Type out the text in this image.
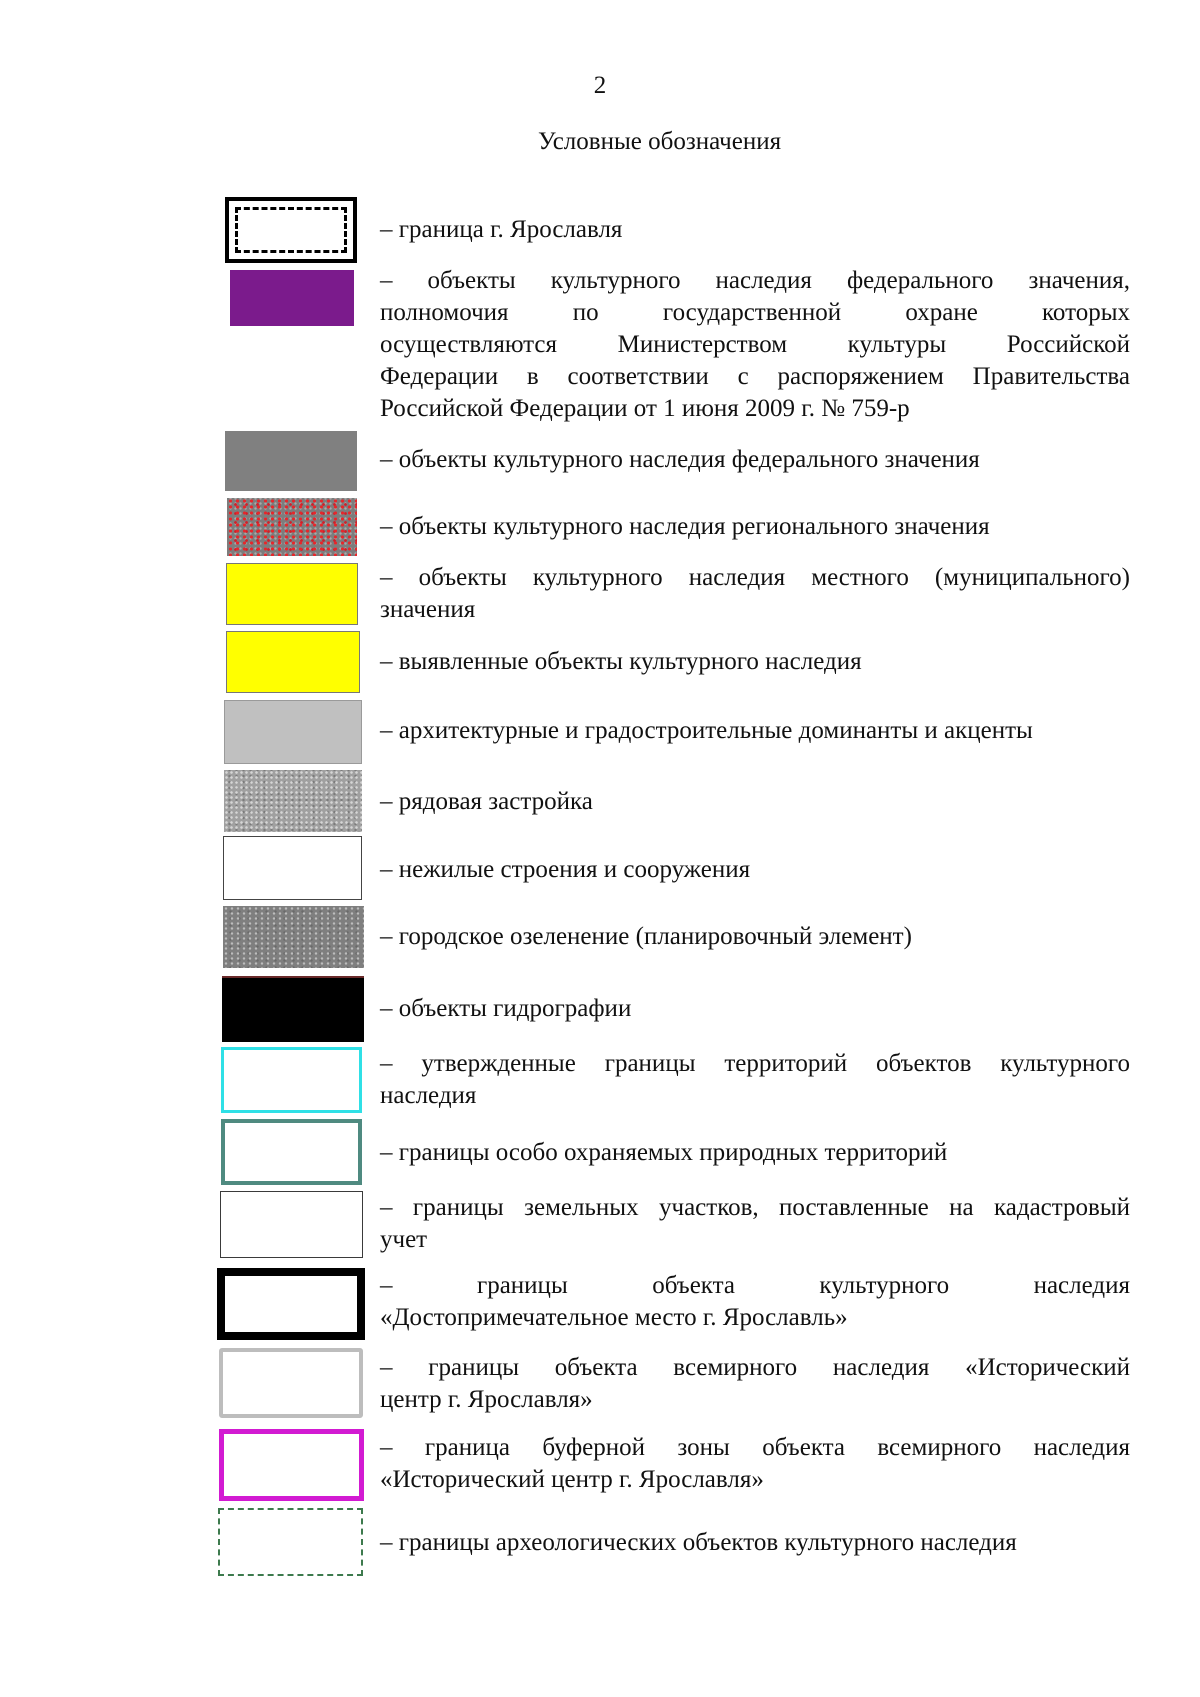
2
Условные обозначения
– граница г. Ярославля
– объекты культурного наследия федерального значения,
полномочия по государственной охране которых
осуществляются Министерством культуры Российской
Федерации в соответствии с распоряжением Правительства
Российской Федерации от 1 июня 2009 г. № 759-р
– объекты культурного наследия федерального значения
– объекты культурного наследия регионального значения
– объекты культурного наследия местного (муниципального)
значения
– выявленные объекты культурного наследия
– архитектурные и градостроительные доминанты и акценты
– рядовая застройка
– нежилые строения и сооружения
– городское озеленение (планировочный элемент)
– объекты гидрографии
– утвержденные границы территорий объектов культурного
наследия
– границы особо охраняемых природных территорий
– границы земельных участков, поставленные на кадастровый
учет
– границы объекта культурного наследия
«Достопримечательное место г. Ярославль»
– границы объекта всемирного наследия «Исторический
центр г. Ярославля»
– граница буферной зоны объекта всемирного наследия
«Исторический центр г. Ярославля»
– границы археологических объектов культурного наследия
